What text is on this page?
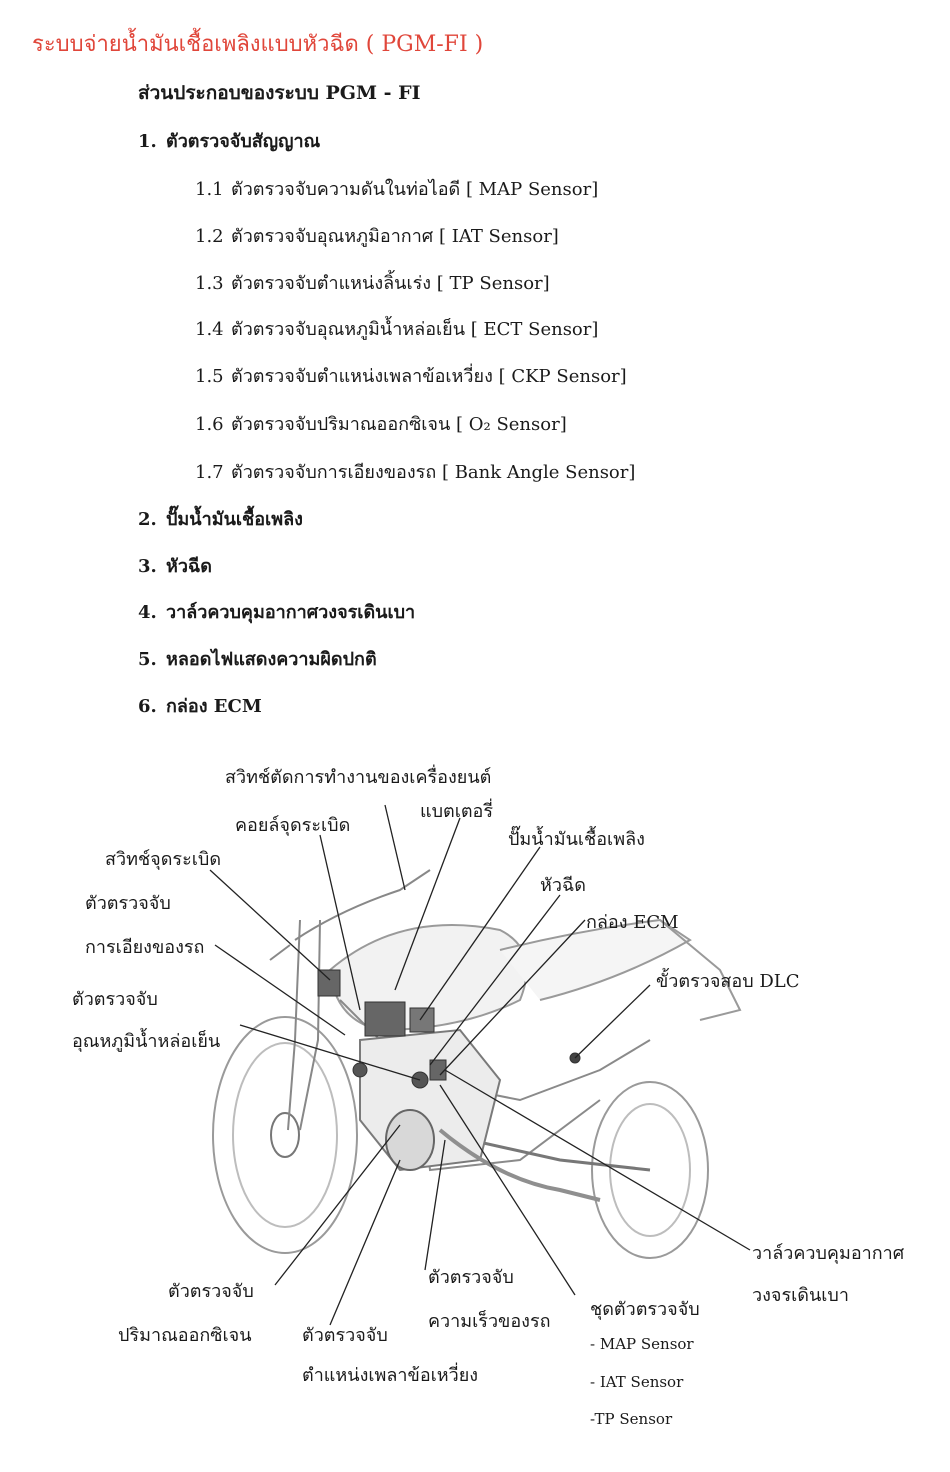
ระบบจ่ายน้ำมันเชื้อเพลิงแบบหัวฉีด ( PGM-FI )
ส่วนประกอบของระบบ PGM - FI
1. ตัวตรวจจับสัญญาณ
1.1 ตัวตรวจจับความดันในท่อไอดี [ MAP Sensor]
1.2 ตัวตรวจจับอุณหภูมิอากาศ [ IAT Sensor]
1.3 ตัวตรวจจับตำแหน่งลิ้นเร่ง [ TP Sensor]
1.4 ตัวตรวจจับอุณหภูมิน้ำหล่อเย็น [ ECT Sensor]
1.5 ตัวตรวจจับตำแหน่งเพลาข้อเหวี่ยง [ CKP Sensor]
1.6 ตัวตรวจจับปริมาณออกซิเจน [ O₂ Sensor]
1.7 ตัวตรวจจับการเอียงของรถ [ Bank Angle Sensor]
2. ปั๊มน้ำมันเชื้อเพลิง
3. หัวฉีด
4. วาล์วควบคุมอากาศวงจรเดินเบา
5. หลอดไฟแสดงความผิดปกติ
6. กล่อง ECM
สวิทช์ตัดการทำงานของเครื่องยนต์
แบตเตอรี่
คอยล์จุดระเบิด
ปั๊มน้ำมันเชื้อเพลิง
สวิทช์จุดระเบิด
หัวฉีด
ตัวตรวจจับ
กล่อง ECM
การเอียงของรถ
ขั้วตรวจสอบ DLC
ตัวตรวจจับ
อุณหภูมิน้ำหล่อเย็น
วาล์วควบคุมอากาศ
วงจรเดินเบา
ตัวตรวจจับ
ความเร็วของรถ
ตัวตรวจจับ
ปริมาณออกซิเจน	ตัวตรวจจับ
ตำแหน่งเพลาข้อเหวี่ยง
ชุดตัวตรวจจับ
- MAP Sensor
- IAT Sensor
-TP Sensor
